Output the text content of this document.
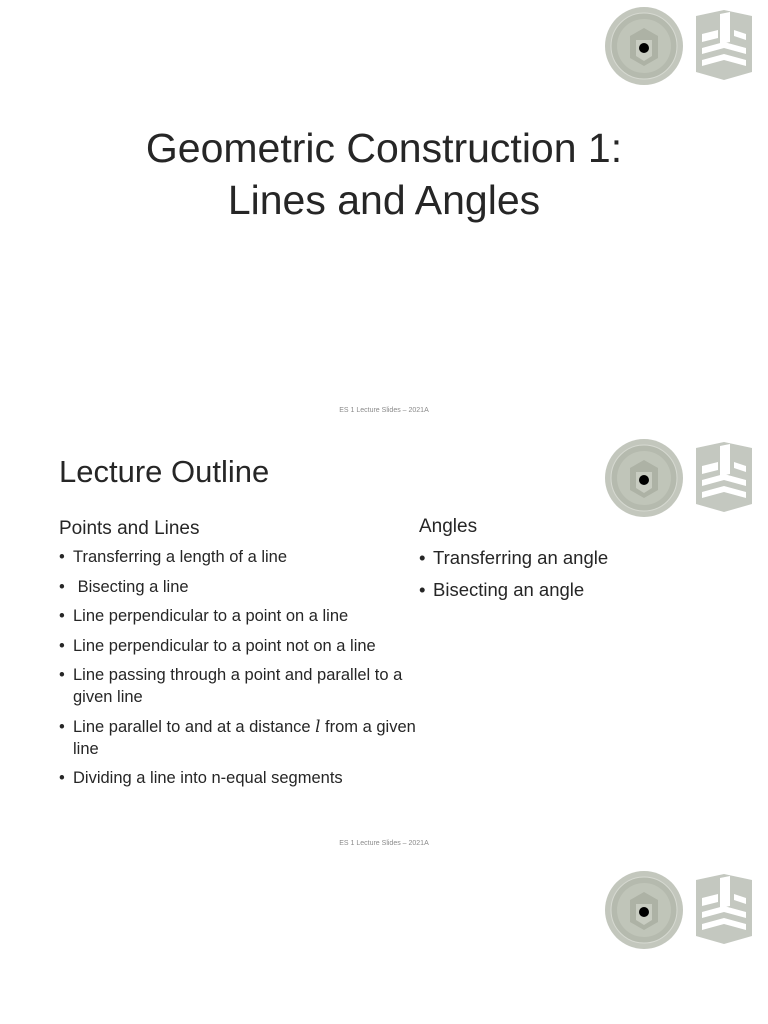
Geometric Construction 1:
Lines and Angles
ES 1 Lecture Slides – 2021A
Lecture Outline
Points and Lines
• Transferring a length of a line
•  Bisecting a line
• Line perpendicular to a point on a line
• Line perpendicular to a point not on a line
• Line passing through a point and parallel to a given line
• Line parallel to and at a distance l from a given line
• Dividing a line into n-equal segments
Angles
• Transferring an angle
• Bisecting an angle
ES 1 Lecture Slides – 2021A
